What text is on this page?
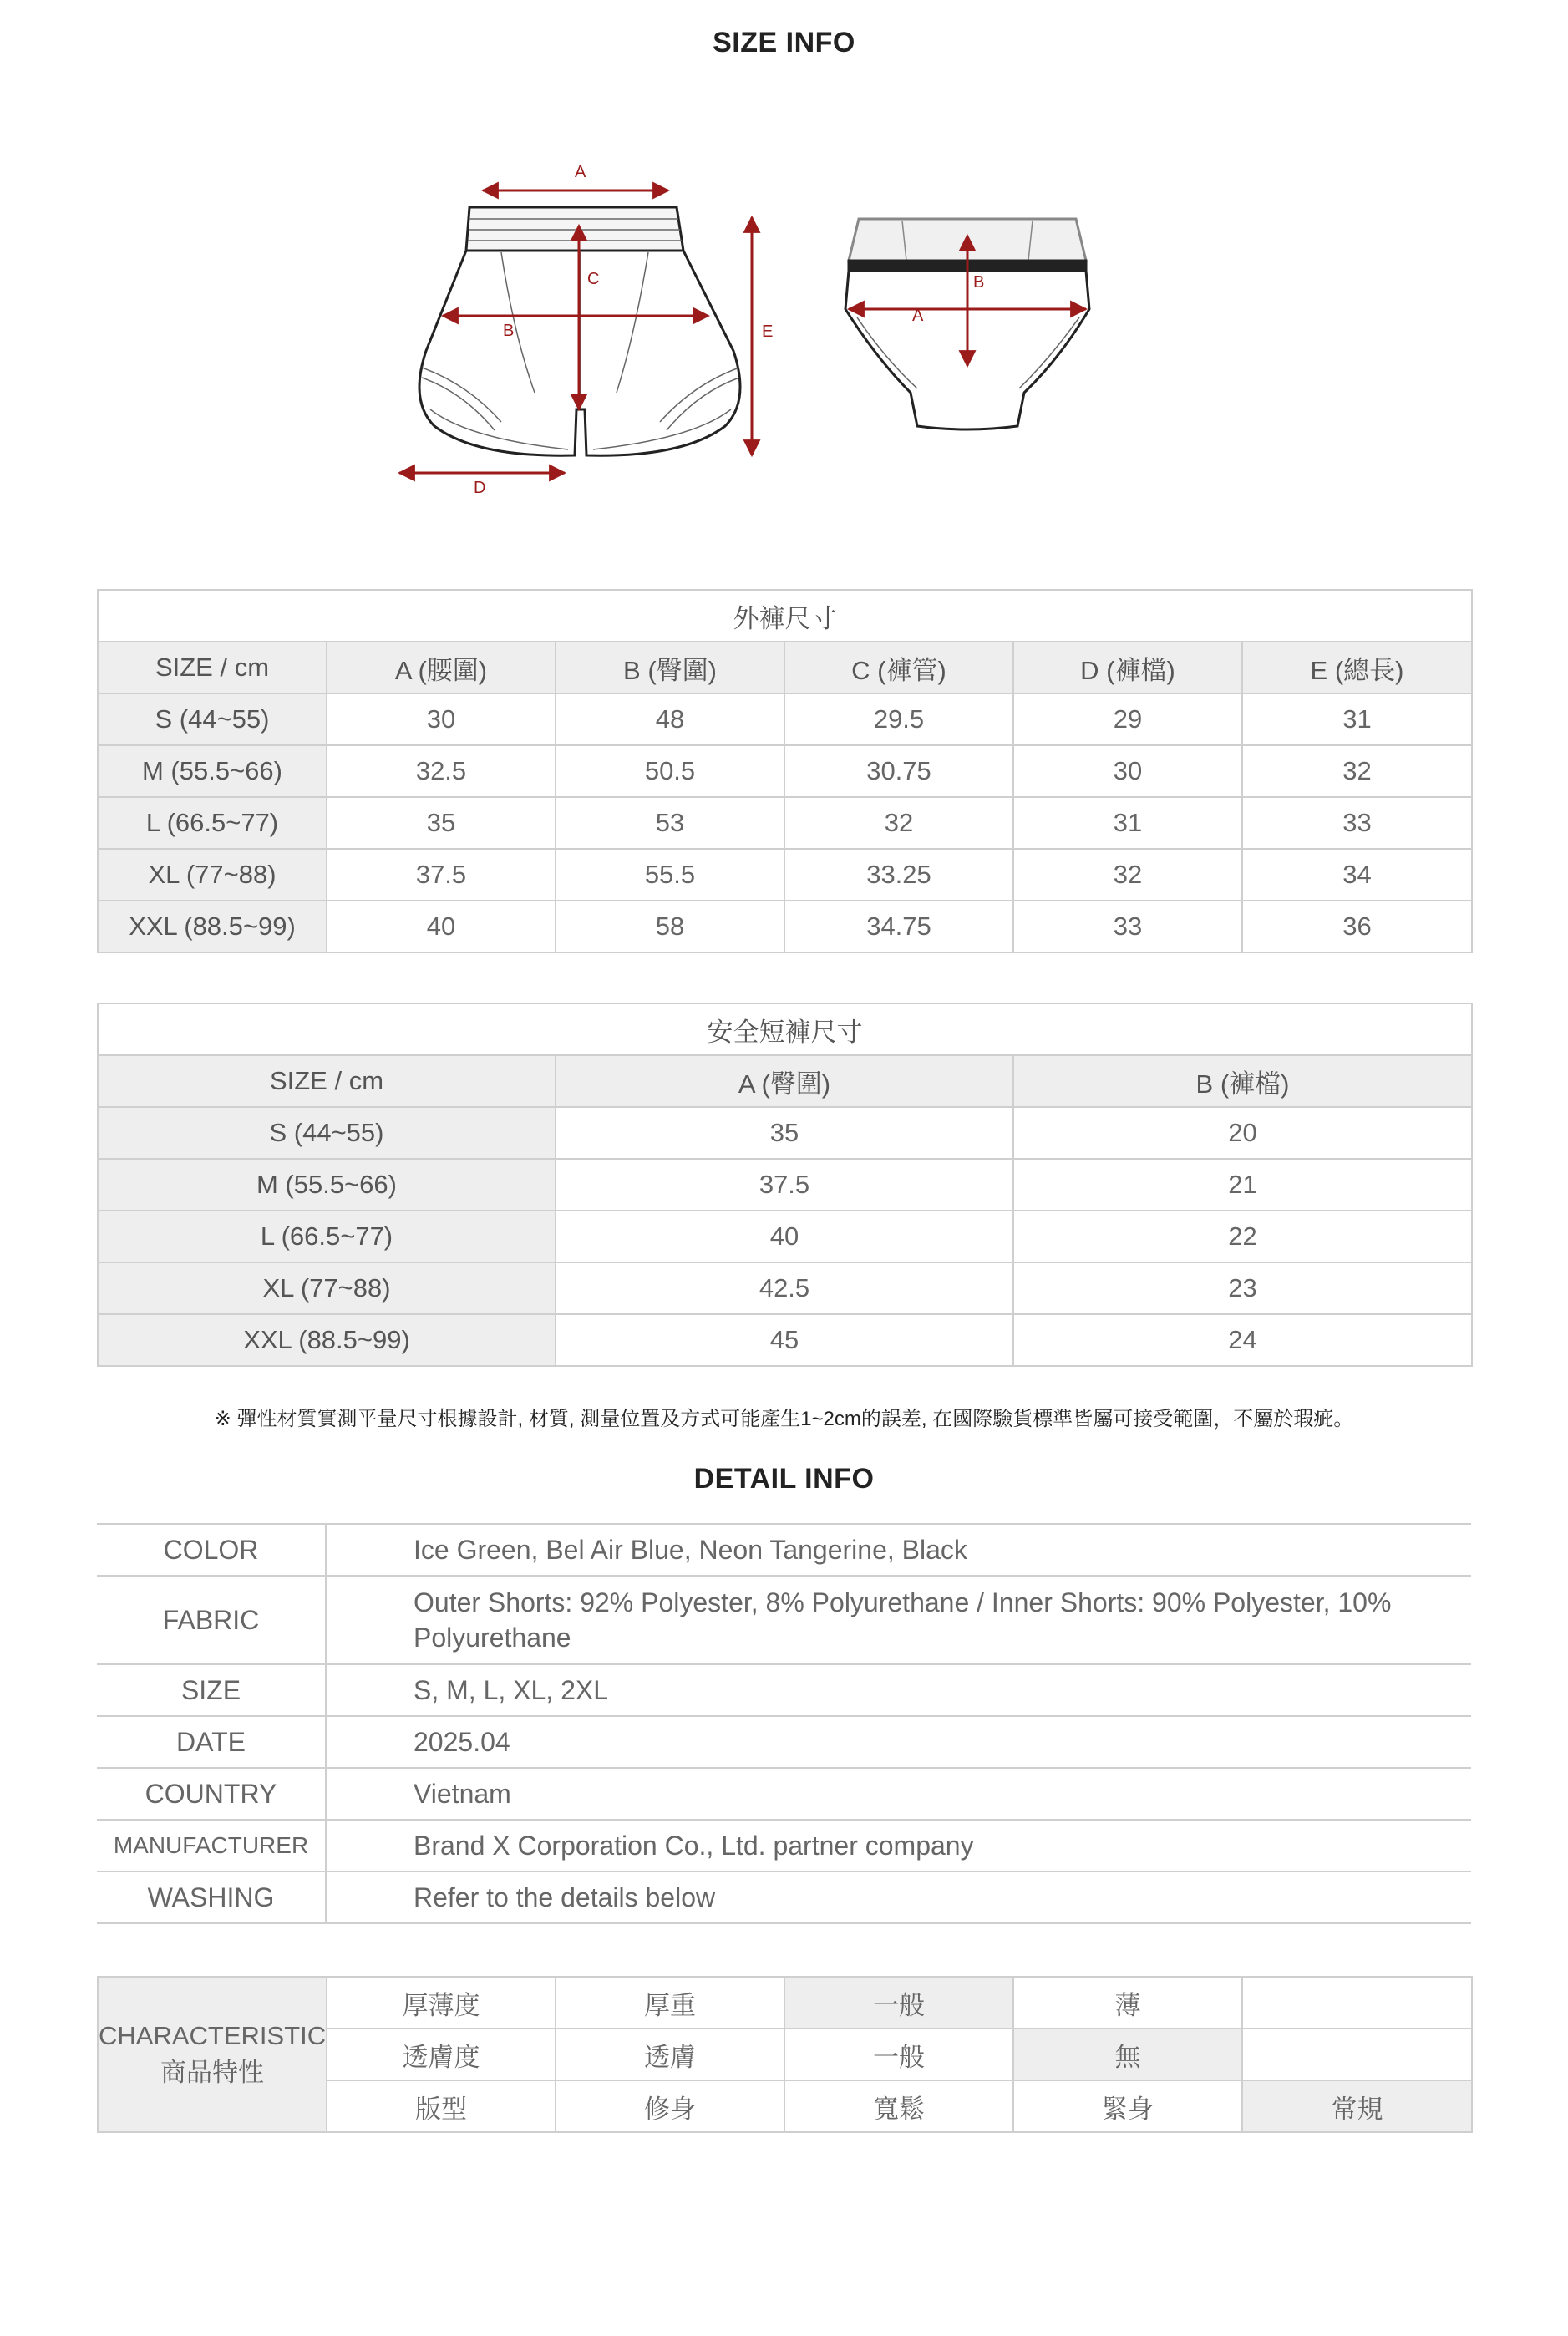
SIZE INFO
A
B
C
D
E
A
B
外褲尺寸					
SIZE / cm	A (腰圍)	B (臀圍)	C (褲管)	D (褲檔)	E (總長)
S (44~55)	30	48	29.5	29	31
M (55.5~66)	32.5	50.5	30.75	30	32
L (66.5~77)	35	53	32	31	33
XL (77~88)	37.5	55.5	33.25	32	34
XXL (88.5~99)	40	58	34.75	33	36
安全短褲尺寸		
SIZE / cm	A (臀圍)	B (褲檔)
S (44~55)	35	20
M (55.5~66)	37.5	21
L (66.5~77)	40	22
XL (77~88)	42.5	23
XXL (88.5~99)	45	24
※ 彈性材質實測平量尺寸根據設計, 材質, 測量位置及方式可能產生1~2cm的誤差, 在國際驗貨標準皆屬可接受範圍，不屬於瑕疵。
DETAIL INFO
COLOR	Ice Green, Bel Air Blue, Neon Tangerine, Black
FABRIC	Outer Shorts: 92% Polyester, 8% Polyurethane / Inner Shorts: 90% Polyester, 10% Polyurethane
SIZE	S, M, L, XL, 2XL
DATE	2025.04
COUNTRY	Vietnam
MANUFACTURER	Brand X Corporation Co., Ltd. partner company
WASHING	Refer to the details below
CHARACTERISTIC
商品特性	厚薄度	厚重	一般	薄	
	透膚度	透膚	一般	無	
	版型	修身	寬鬆	緊身	常規
